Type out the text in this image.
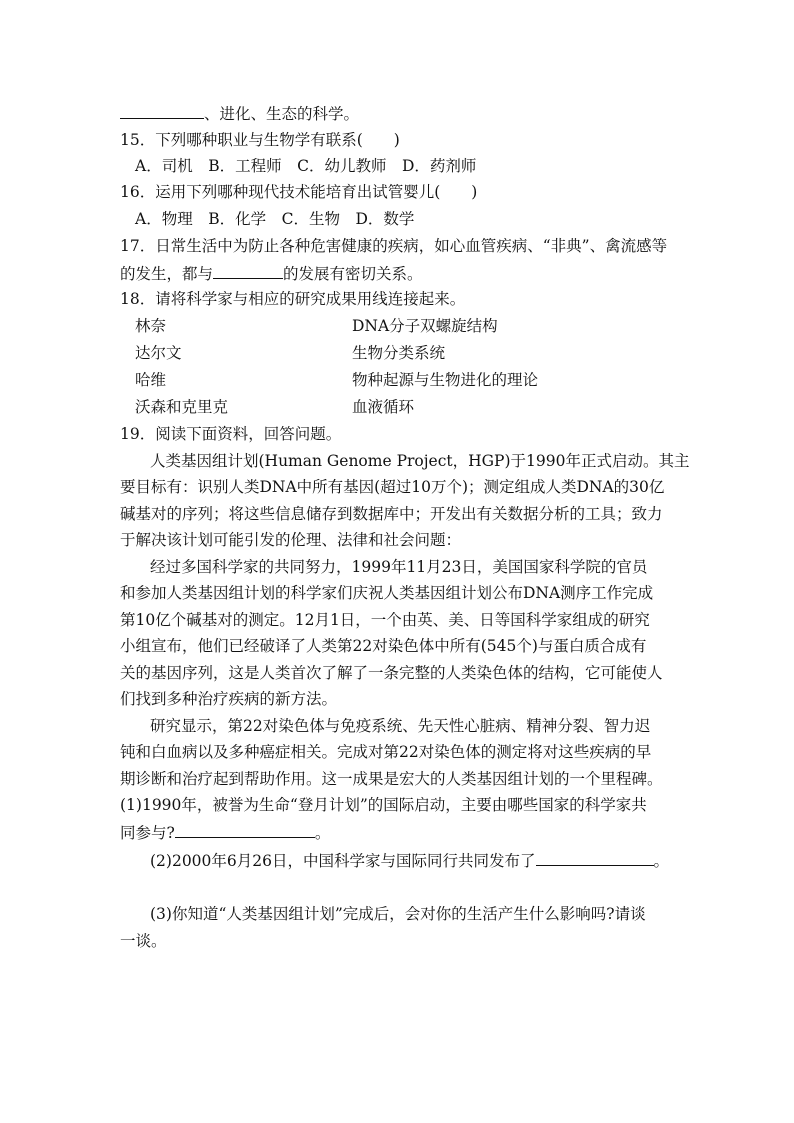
、进化、生态的科学。
15．下列哪种职业与生物学有联系(　　)
A．司机　B．工程师　C．幼儿教师　D．药剂师
16．运用下列哪种现代技术能培育出试管婴儿(　　)
A．物理　B．化学　C．生物　D．数学
17．日常生活中为防止各种危害健康的疾病，如心血管疾病、“非典”、禽流感等
的发生，都与	的发展有密切关系。
18．请将科学家与相应的研究成果用线连接起来。
林奈	DNA分子双螺旋结构
达尔文	生物分类系统
哈维	物种起源与生物进化的理论
沃森和克里克	血液循环
19．阅读下面资料，回答问题。
人类基因组计划(Human Genome Project，HGP)于1990年正式启动。其主
要目标有：识别人类DNA中所有基因(超过10万个)；测定组成人类DNA的30亿
碱基对的序列；将这些信息储存到数据库中；开发出有关数据分析的工具；致力
于解决该计划可能引发的伦理、法律和社会问题：
经过多国科学家的共同努力，1999年11月23日，美国国家科学院的官员
和参加人类基因组计划的科学家们庆祝人类基因组计划公布DNA测序工作完成
第10亿个碱基对的测定。12月1日，一个由英、美、日等国科学家组成的研究
小组宣布，他们已经破译了人类第22对染色体中所有(545个)与蛋白质合成有
关的基因序列，这是人类首次了解了一条完整的人类染色体的结构，它可能使人
们找到多种治疗疾病的新方法。
研究显示，第22对染色体与免疫系统、先天性心脏病、精神分裂、智力迟
钝和白血病以及多种癌症相关。完成对第22对染色体的测定将对这些疾病的早
期诊断和治疗起到帮助作用。这一成果是宏大的人类基因组计划的一个里程碑。
(1)1990年，被誉为生命“登月计划”的国际启动，主要由哪些国家的科学家共
同参与?	。
(2)2000年6月26日，中国科学家与国际同行共同发布了	。
(3)你知道“人类基因组计划”完成后，会对你的生活产生什么影响吗?请谈
一谈。
